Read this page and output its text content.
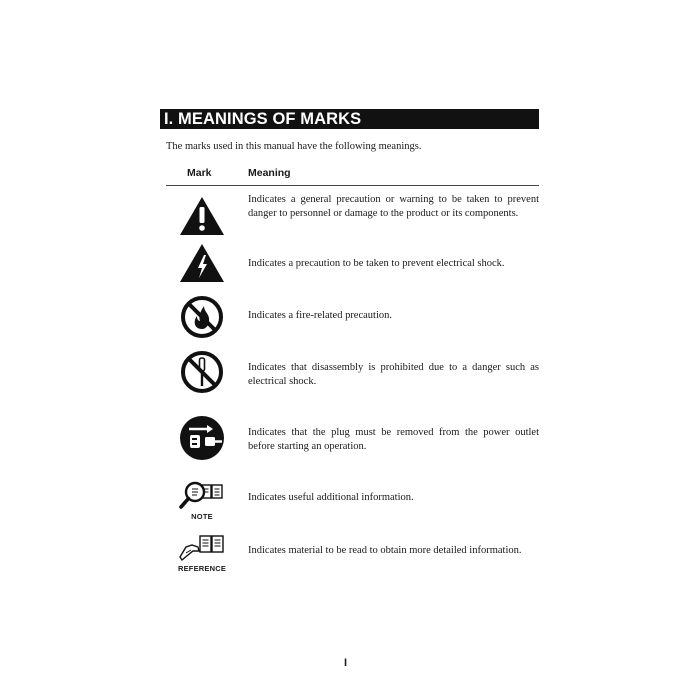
I. MEANINGS OF MARKS
The marks used in this manual have the following meanings.
Mark	Meaning
Indicates a general precaution or warning to be taken to prevent danger to personnel or damage to the product or its components.
Indicates a precaution to be taken to prevent electrical shock.
Indicates a fire-related precaution.
Indicates that disassembly is prohibited due to a danger such as electrical shock.
Indicates that the plug must be removed from the power outlet before starting an operation.
NOTE
Indicates useful additional information.
REFERENCE
Indicates material to be read to obtain more detailed information.
I
